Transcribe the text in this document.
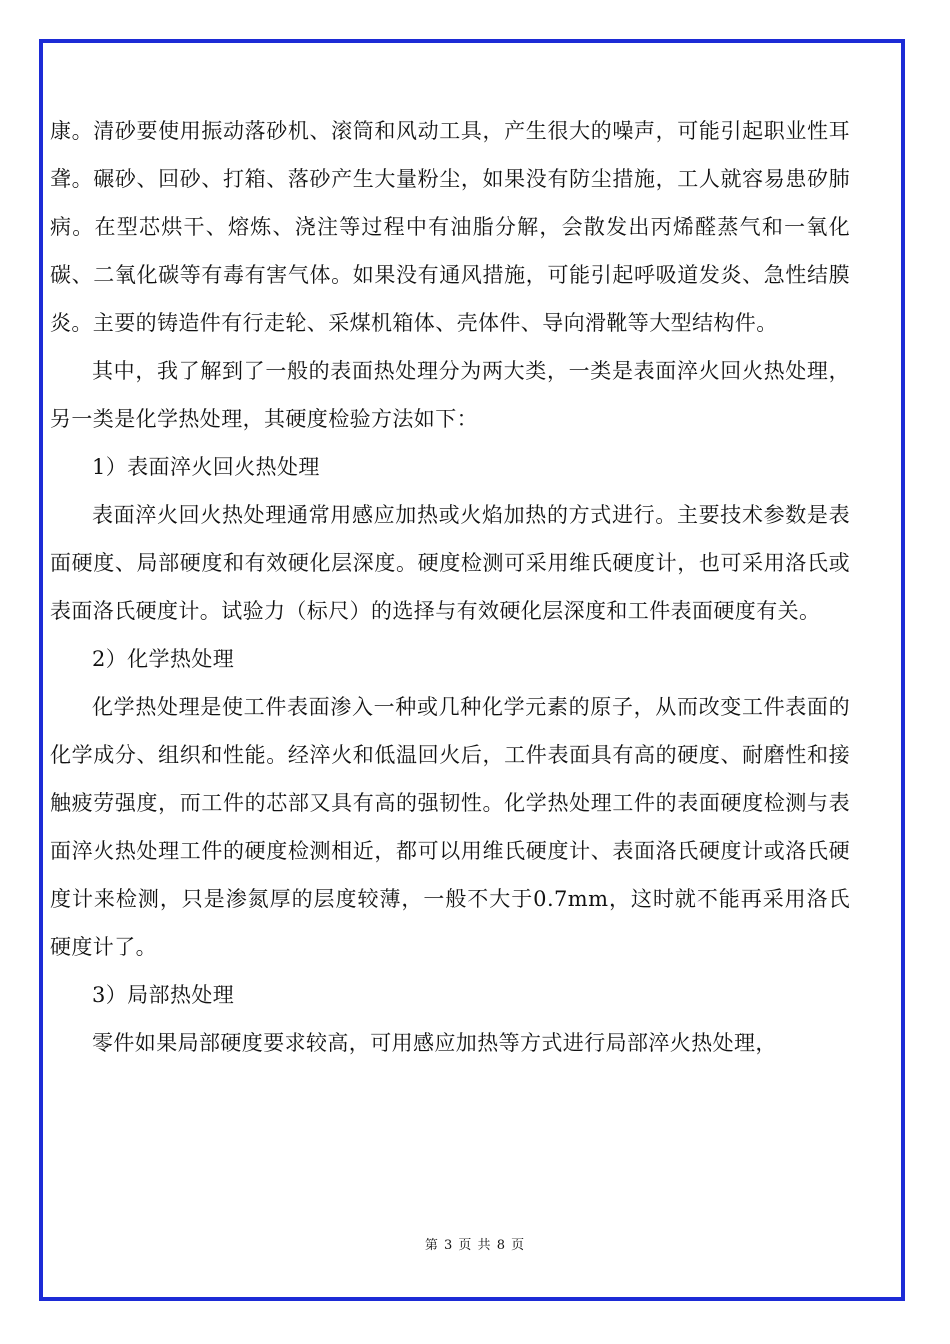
康。清砂要使用振动落砂机、滚筒和风动工具，产生很大的噪声，可能引起职业性耳聋。碾砂、回砂、打箱、落砂产生大量粉尘，如果没有防尘措施，工人就容易患矽肺病。在型芯烘干、熔炼、浇注等过程中有油脂分解，会散发出丙烯醛蒸气和一氧化碳、二氧化碳等有毒有害气体。如果没有通风措施，可能引起呼吸道发炎、急性结膜炎。主要的铸造件有行走轮、采煤机箱体、壳体件、导向滑靴等大型结构件。

其中，我了解到了一般的表面热处理分为两大类，一类是表面淬火回火热处理，另一类是化学热处理，其硬度检验方法如下：

1）表面淬火回火热处理

表面淬火回火热处理通常用感应加热或火焰加热的方式进行。主要技术参数是表面硬度、局部硬度和有效硬化层深度。硬度检测可采用维氏硬度计，也可采用洛氏或表面洛氏硬度计。试验力（标尺）的选择与有效硬化层深度和工件表面硬度有关。

2）化学热处理

化学热处理是使工件表面渗入一种或几种化学元素的原子，从而改变工件表面的化学成分、组织和性能。经淬火和低温回火后，工件表面具有高的硬度、耐磨性和接触疲劳强度，而工件的芯部又具有高的强韧性。化学热处理工件的表面硬度检测与表面淬火热处理工件的硬度检测相近，都可以用维氏硬度计、表面洛氏硬度计或洛氏硬度计来检测，只是渗氮厚的层度较薄，一般不大于0.7mm，这时就不能再采用洛氏硬度计了。

3）局部热处理

零件如果局部硬度要求较高，可用感应加热等方式进行局部淬火热处理，

第 3 页 共 8 页
